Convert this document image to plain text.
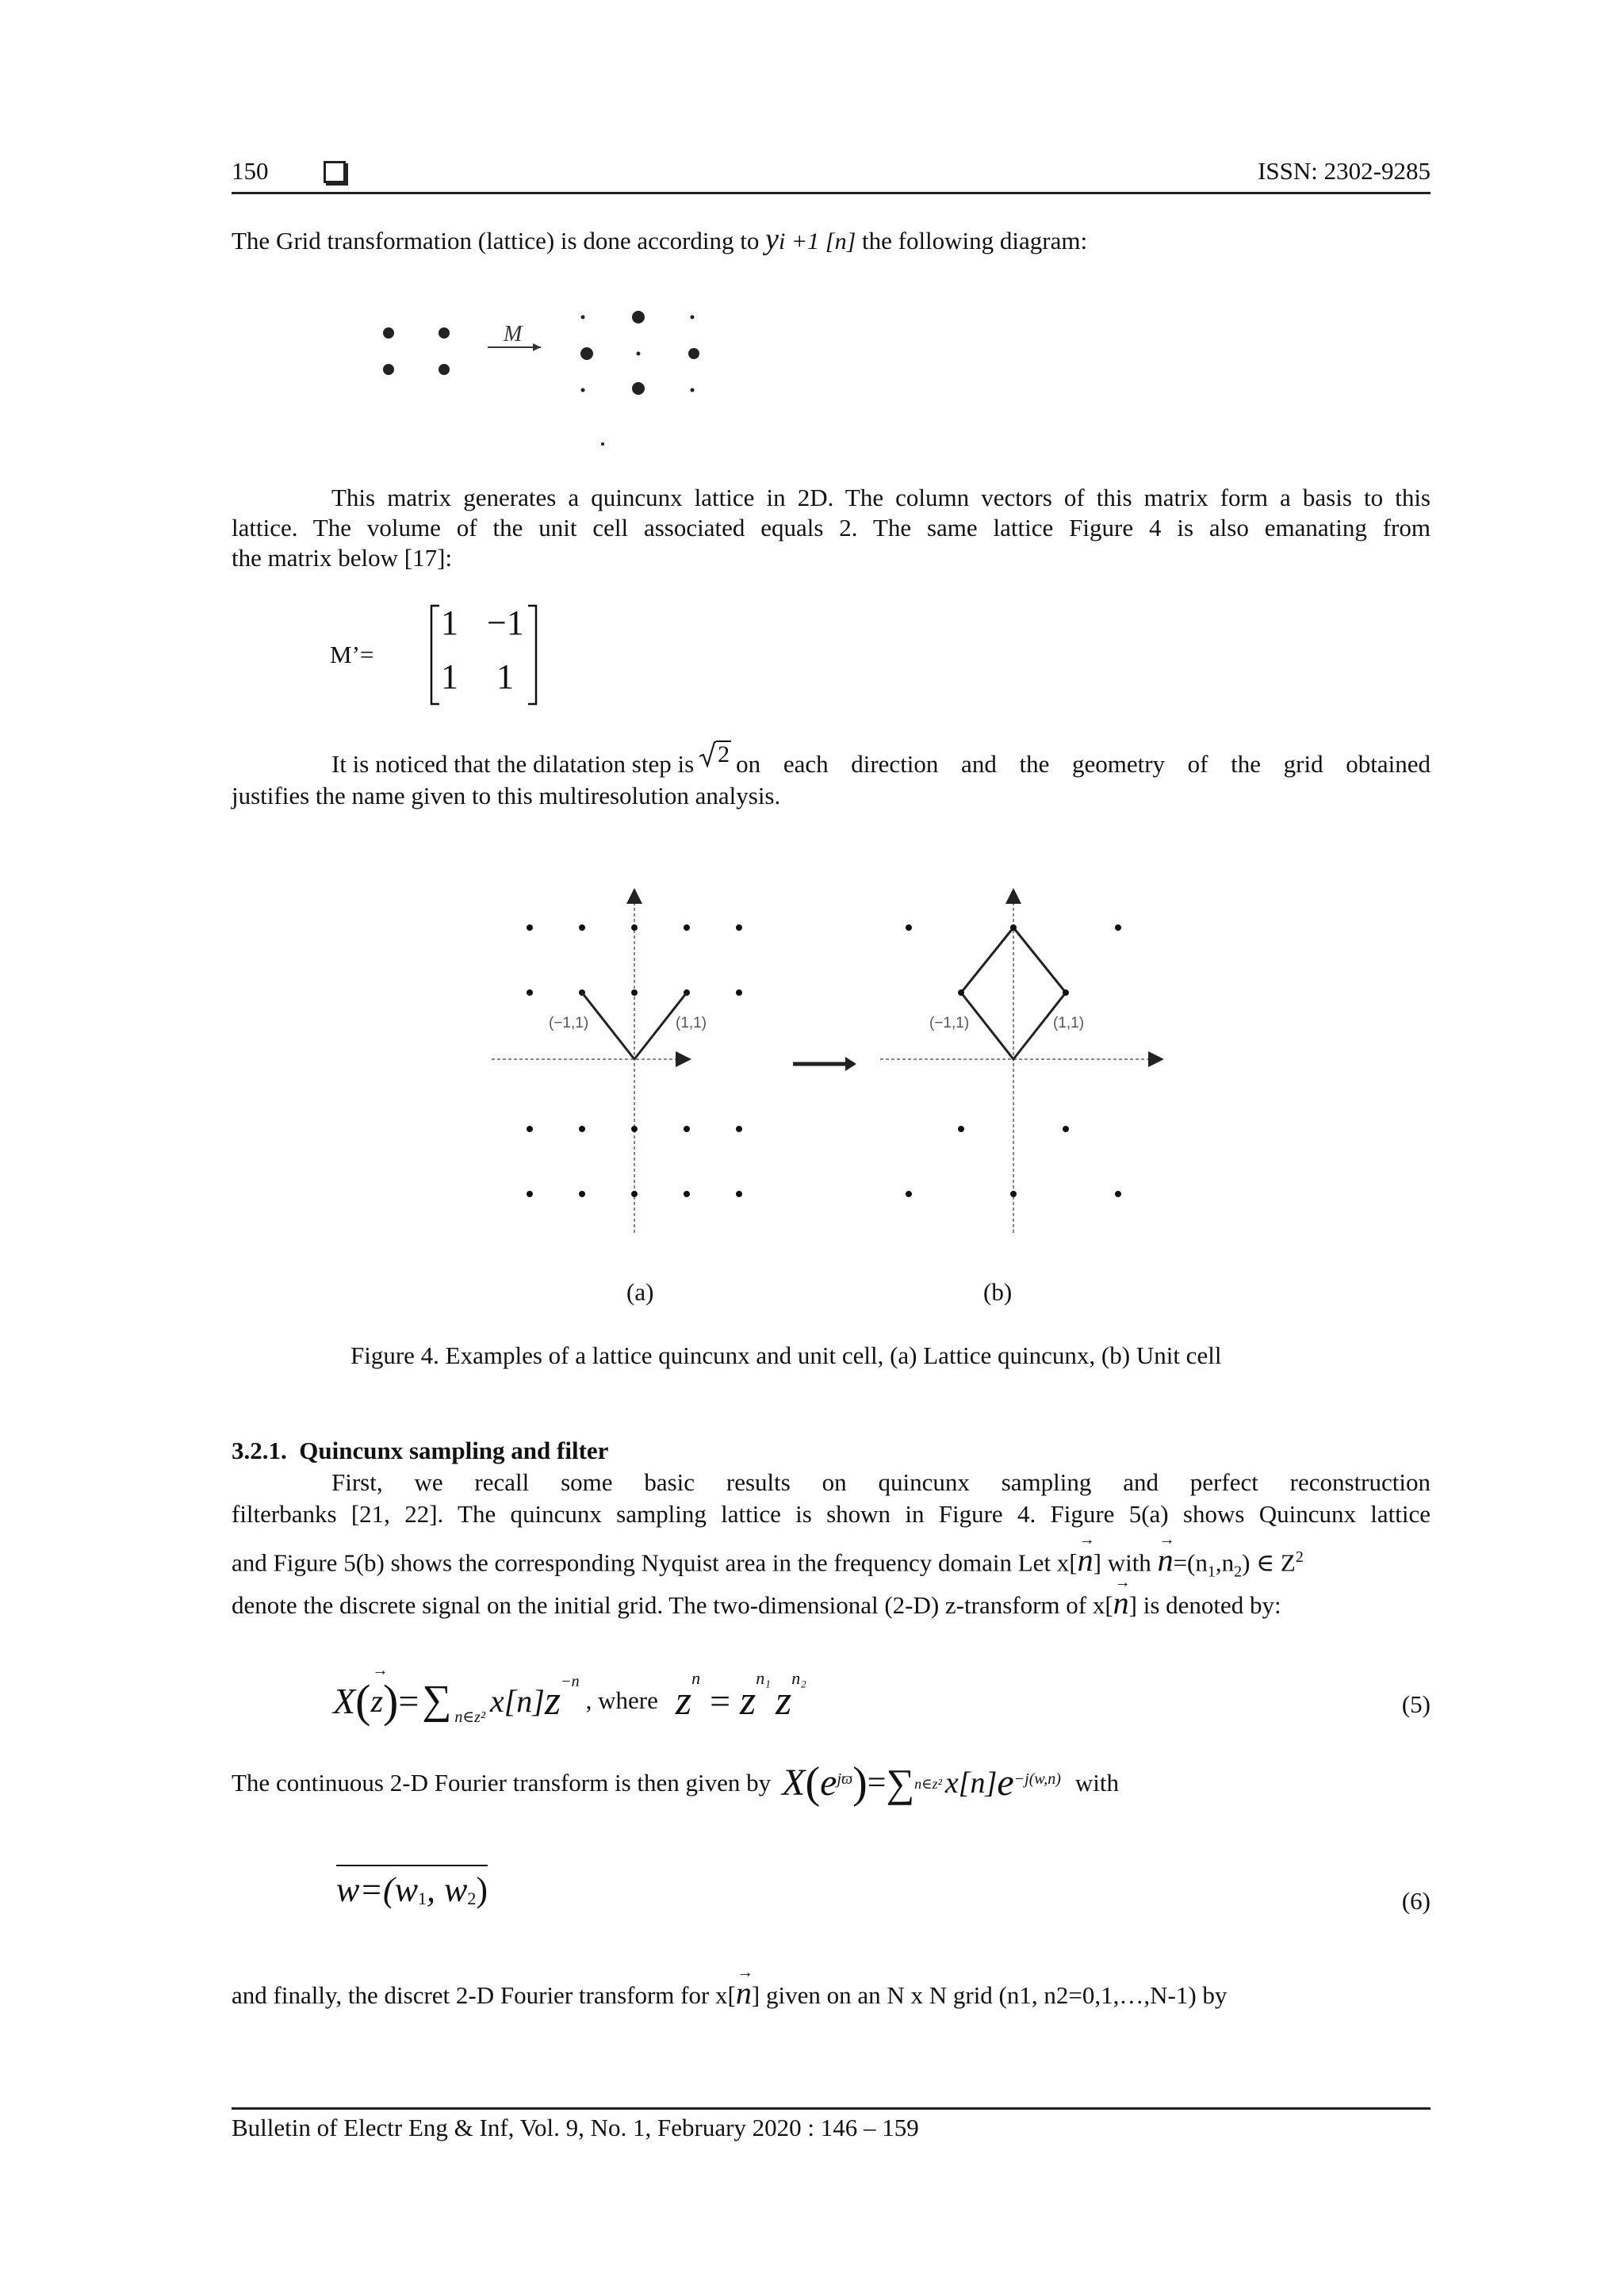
150	ISSN: 2302-9285
The Grid transformation (lattice) is done according to yi +1 [n] the following diagram:
M
This matrix generates a quincunx lattice in 2D. The column vectors of this matrix form a basis to this
lattice. The volume of the unit cell associated equals 2. The same lattice Figure 4 is also emanating from
the matrix below [17]:
M’=
1 −1
1 1
It is noticed that the dilatation step is 2 on each direction and the geometry of the grid obtained
justifies the name given to this multiresolution analysis.
(−1,1)	(1,1)	(−1,1)	(1,1)
(a)	(b)
Figure 4. Examples of a lattice quincunx and unit cell, (a) Lattice quincunx, (b) Unit cell
3.2.1.  Quincunx sampling and filter
First,  we  recall  some  basic  results  on  quincunx  sampling  and  perfect  reconstruction
filterbanks [21, 22]. The quincunx sampling lattice is shown in Figure 4. Figure 5(a) shows Quincunx lattice
and Figure 5(b) shows the corresponding Nyquist area in the frequency domain Let x[→ n] with → $n=(n_1,n_2)$ ∈ $Z^2$
denote the discrete signal on the initial grid. The two-dimensional (2-D) z-transform of x[→ n] is denoted by:
X ( → z ) = ∑ n∈z² x[n] z −n
, where z n
= z n₁ z n₂
(5)
The continuous 2-D Fourier transform is then given by X ( e jϖ ) = ∑ n∈z² x[n] e −j(w,n) with
$w=(w_1$, $w_2$)	(6)
and finally, the discret 2-D Fourier transform for x[→ n] given on an N x N grid (n1, n2=0,1,…,N-1) by
Bulletin of Electr Eng & Inf, Vol. 9, No. 1, February 2020 : 146 – 159
